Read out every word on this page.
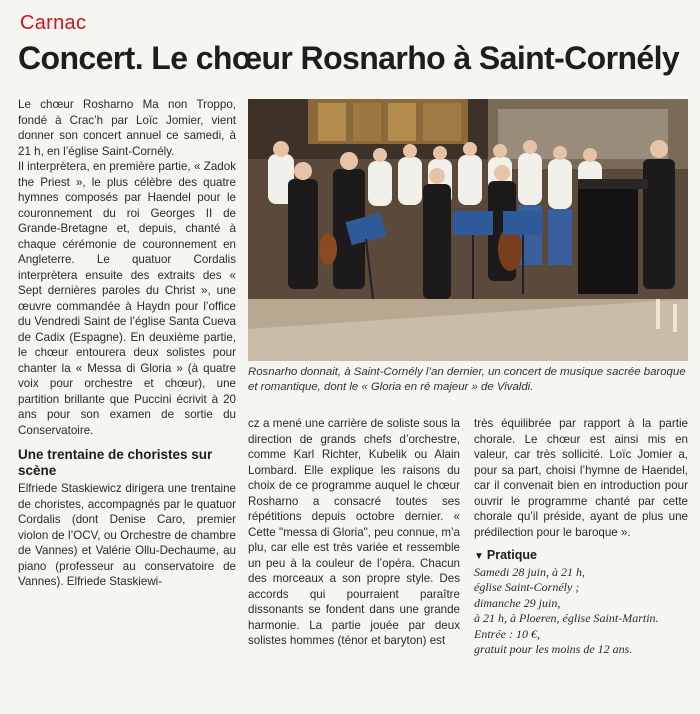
Carnac
Concert. Le chœur Rosnarho à Saint-Cornély

Le chœur Rosharno Ma non Troppo, fondé à Crac’h par Loïc Jomier, vient donner son concert annuel ce samedi, à 21 h, en l’église Saint-Cornély.

Il interprètera, en première partie, « Zadok the Priest », le plus célèbre des quatre hymnes composés par Haendel pour le couronnement du roi Georges II de Grande-Bretagne et, depuis, chanté à chaque cérémonie de couronnement en Angleterre. Le quatuor Cordalis interprètera ensuite des extraits des « Sept dernières paroles du Christ », une œuvre commandée à Haydn pour l’office du Vendredi Saint de l’église Santa Cueva de Cadix (Espagne). En deuxième partie, le chœur entourera deux solistes pour chanter la « Messa di Gloria » (à quatre voix pour orchestre et chœur), une partition brillante que Puccini écrivit à 20 ans pour son examen de sortie du Conservatoire.

Une trentaine de choristes sur scène

Elfriede Staskiewicz dirigera une trentaine de choristes, accompagnés par le quatuor Cordalis (dont Denise Caro, premier violon de l’OCV, ou Orchestre de chambre de Vannes) et Valérie Ollu-Dechaume, au piano (professeur au conservatoire de Vannes). Elfriede Staskiewi-

Rosnarho donnait, à Saint-Cornély l’an dernier, un concert de musique sacrée baroque et romantique, dont le « Gloria en ré majeur » de Vivaldi.

cz a mené une carrière de soliste sous la direction de grands chefs d’orchestre, comme Karl Richter, Kubelik ou Alain Lombard. Elle explique les raisons du choix de ce programme auquel le chœur Rosharno a consacré toutes ses répétitions depuis octobre dernier. « Cette "messa di Gloria", peu connue, m’a plu, car elle est très variée et ressemble un peu à la couleur de l’opéra. Chacun des morceaux a son propre style. Des accords qui pourraient paraître dissonants se fondent dans une grande harmonie. La partie jouée par deux solistes hommes (ténor et baryton) est

très équilibrée par rapport à la partie chorale. Le chœur est ainsi mis en valeur, car très sollicité. Loïc Jomier a, pour sa part, choisi l’hymne de Haendel, car il convenait bien en introduction pour ouvrir le programme chanté par cette chorale qu’il préside, ayant de plus une prédilection pour le baroque ».

▼ Pratique
Samedi 28 juin, à 21 h,
église Saint-Cornély ;
dimanche 29 juin,
à 21 h, à Ploeren, église Saint-Martin.
Entrée : 10 €,
gratuit pour les moins de 12 ans.
